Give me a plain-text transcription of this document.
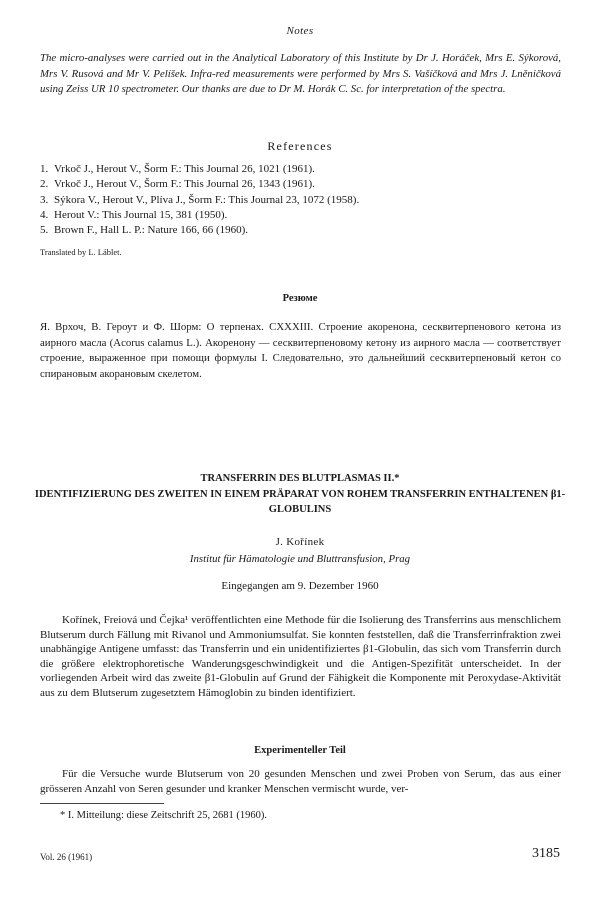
Notes
The micro-analyses were carried out in the Analytical Laboratory of this Institute by Dr J. Horáček, Mrs E. Sýkorová, Mrs V. Rusová and Mr V. Pelíšek. Infra-red measurements were performed by Mrs S. Vašíčková and Mrs J. Lněničková using Zeiss UR 10 spectrometer. Our thanks are due to Dr M. Horák C. Sc. for interpretation of the spectra.
References
1. Vrkoč J., Herout V., Šorm F.: This Journal 26, 1021 (1961).
2. Vrkoč J., Herout V., Šorm F.: This Journal 26, 1343 (1961).
3. Sýkora V., Herout V., Plíva J., Šorm F.: This Journal 23, 1072 (1958).
4. Herout V.: This Journal 15, 381 (1950).
5. Brown F., Hall L. P.: Nature 166, 66 (1960).
Translated by L. Láblet.
Резюме
Я. Врхоч, В. Героут и Ф. Шорм: О терпенах. CXXXIII. Строение акоренона, сесквитерпенового кетона из аирного масла (Acorus calamus L.). Акоренону — сесквитерпеновому кетону из аирного масла — соответствует строение, выраженное при помощи формулы I. Следовательно, это дальнейший сесквитерпеновый кетон со спирановым акорановым скелетом.
TRANSFERRIN DES BLUTPLASMAS II.*
IDENTIFIZIERUNG DES ZWEITEN IN EINEM PRÄPARAT VON ROHEM TRANSFERRIN ENTHALTENEN β1-GLOBULINS
J. Kořínek
Institut für Hämatologie und Bluttransfusion, Prag
Eingegangen am 9. Dezember 1960
Kořínek, Freiová und Čejka¹ veröffentlichten eine Methode für die Isolierung des Transferrins aus menschlichem Blutserum durch Fällung mit Rivanol und Ammoniumsulfat. Sie konnten feststellen, daß die Transferrinfraktion zwei unabhängige Antigene umfasst: das Transferrin und ein unidentifiziertes β1-Globulin, das sich vom Transferrin durch die größere elektrophoretische Wanderungsgeschwindigkeit und die Antigen-Spezifität unterscheidet. In der vorliegenden Arbeit wird das zweite β1-Globulin auf Grund der Fähigkeit die Komponente mit Peroxydase-Aktivität aus zu dem Blutserum zugesetztem Hämoglobin zu binden identifiziert.
Experimenteller Teil
Für die Versuche wurde Blutserum von 20 gesunden Menschen und zwei Proben von Serum, das aus einer grösseren Anzahl von Seren gesunder und kranker Menschen vermischt wurde, ver-
* I. Mitteilung: diese Zeitschrift 25, 2681 (1960).
Vol. 26 (1961)	3185
